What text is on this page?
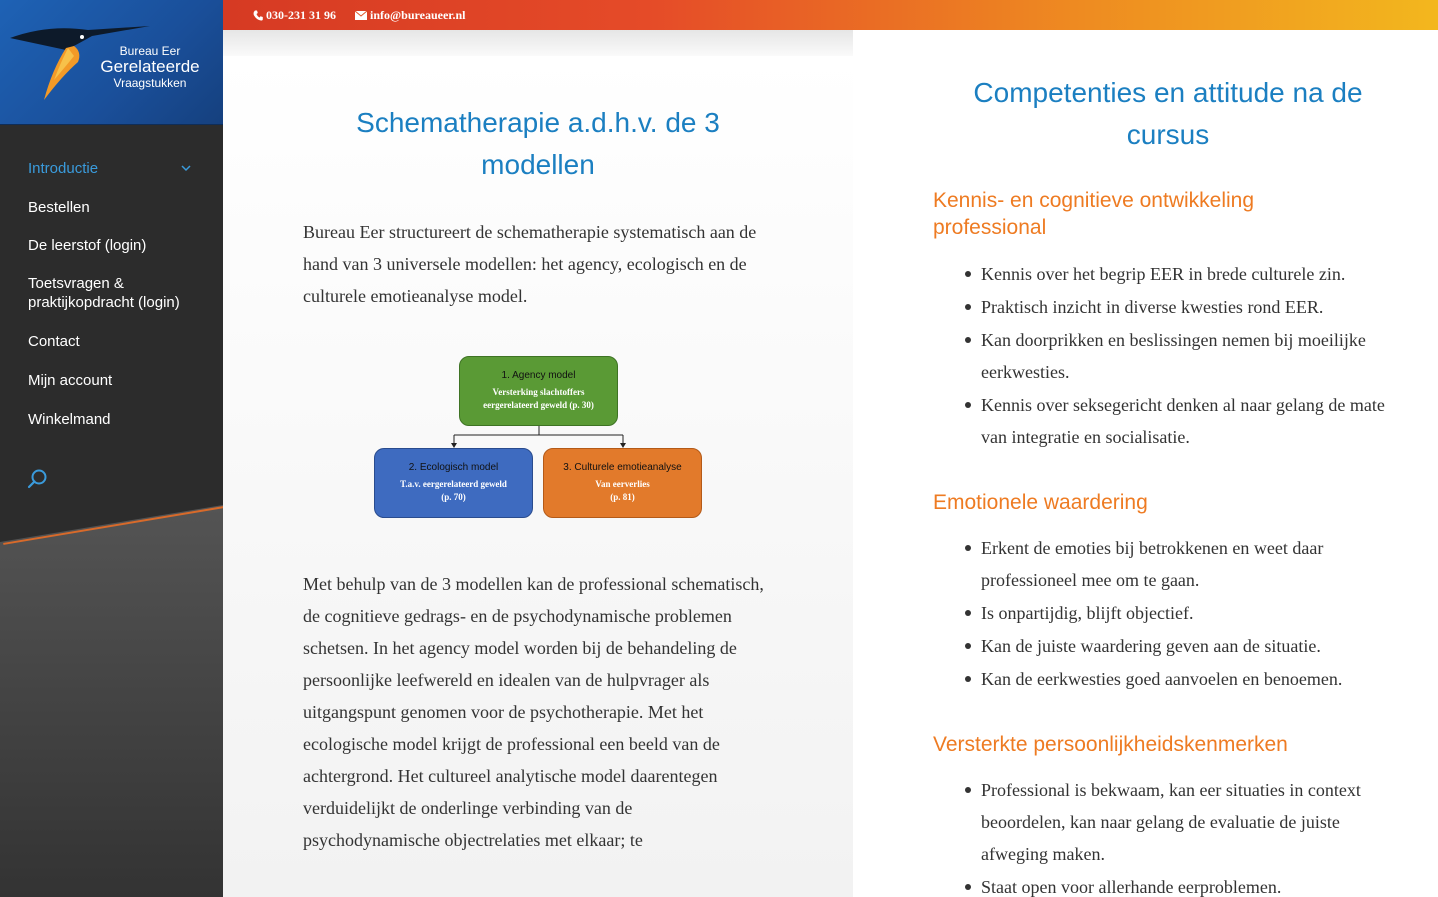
Bureau Eer
Gerelateerde
Vraagstukken
Introductie
Bestellen
De leerstof (login)
Toetsvragen & praktijkopdracht (login)
Contact
Mijn account
Winkelmand
030-231 31 96	info@bureaueer.nl
Schematherapie a.d.h.v. de 3 modellen

Bureau Eer structureert de schematherapie systematisch aan de hand van 3 universele modellen: het agency, ecologisch en de culturele emotieanalyse model.

1. Agency model
Versterking slachtoffers
eergerelateerd geweld (p. 30)
2. Ecologisch model
T.a.v. eergerelateerd geweld
(p. 70)
3. Culturele emotieanalyse
Van eerverlies
(p. 81)

Met behulp van de 3 modellen kan de professional schematisch, de cognitieve gedrags- en de psychodynamische problemen schetsen. In het agency model worden bij de behandeling de persoonlijke leefwereld en idealen van de hulpvrager als uitgangspunt genomen voor de psychotherapie. Met het ecologische model krijgt de professional een beeld van de achtergrond. Het cultureel analytische model daarentegen verduidelijkt de onderlinge verbinding van de psychodynamische objectrelaties met elkaar; te

Competenties en attitude na de cursus
Kennis- en cognitieve ontwikkeling professional
Kennis over het begrip EER in brede culturele zin.
Praktisch inzicht in diverse kwesties rond EER.
Kan doorprikken en beslissingen nemen bij moeilijke eerkwesties.
Kennis over seksegericht denken al naar gelang de mate van integratie en socialisatie.
Emotionele waardering
Erkent de emoties bij betrokkenen en weet daar professioneel mee om te gaan.
Is onpartijdig, blijft objectief.
Kan de juiste waardering geven aan de situatie.
Kan de eerkwesties goed aanvoelen en benoemen.
Versterkte persoonlijkheidskenmerken
Professional is bekwaam, kan eer situaties in context beoordelen, kan naar gelang de evaluatie de juiste afweging maken.
Staat open voor allerhande eerproblemen.
